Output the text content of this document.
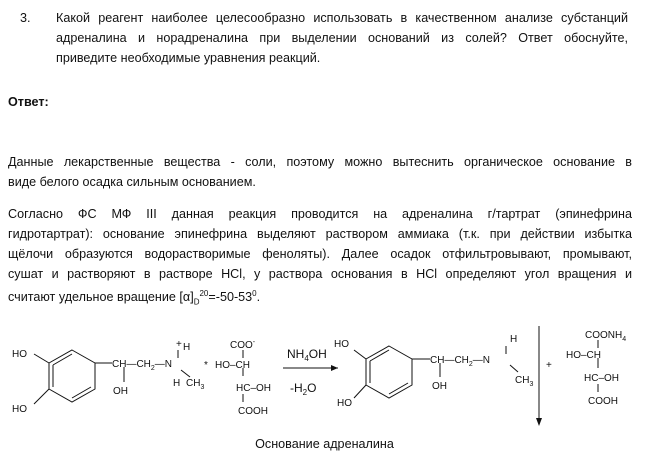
3. Какой реагент наиболее целесообразно использовать в качественном анализе субстанций
адреналина и норадреналина при выделении оснований из солей? Ответ обоснуйте,
приведите необходимые уравнения реакций.
Ответ:
Данные лекарственные вещества - соли, поэтому можно вытеснить органическое основание в
виде белого осадка сильным основанием.
Согласно ФС МФ III данная реакция проводится на адреналина г/тартрат (эпинефрина
гидротартрат): основание эпинефрина выделяют раствором аммиака (т.к. при действии избытка
щёлочи образуются водорастворимые феноляты). Далее осадок отфильтровывают, промывают,
сушат и растворяют в растворе HCl, у раствора основания в HCl определяют угол вращения и
считают удельное вращение $[\alpha]_D^{20}=-50-53^0$.
HO
HO
$CH—CH_2—N$
OH
H
+
H $CH_3$
*
COO-
HO–CH
HC–OH
COOH
$NH_4OH$
$-H_2O$
HO
HO
$CH—CH_2—N$
OH
H
$CH_3$
+
$COONH_4$
HO–CH
HC–OH
COOH
Основание адреналина
